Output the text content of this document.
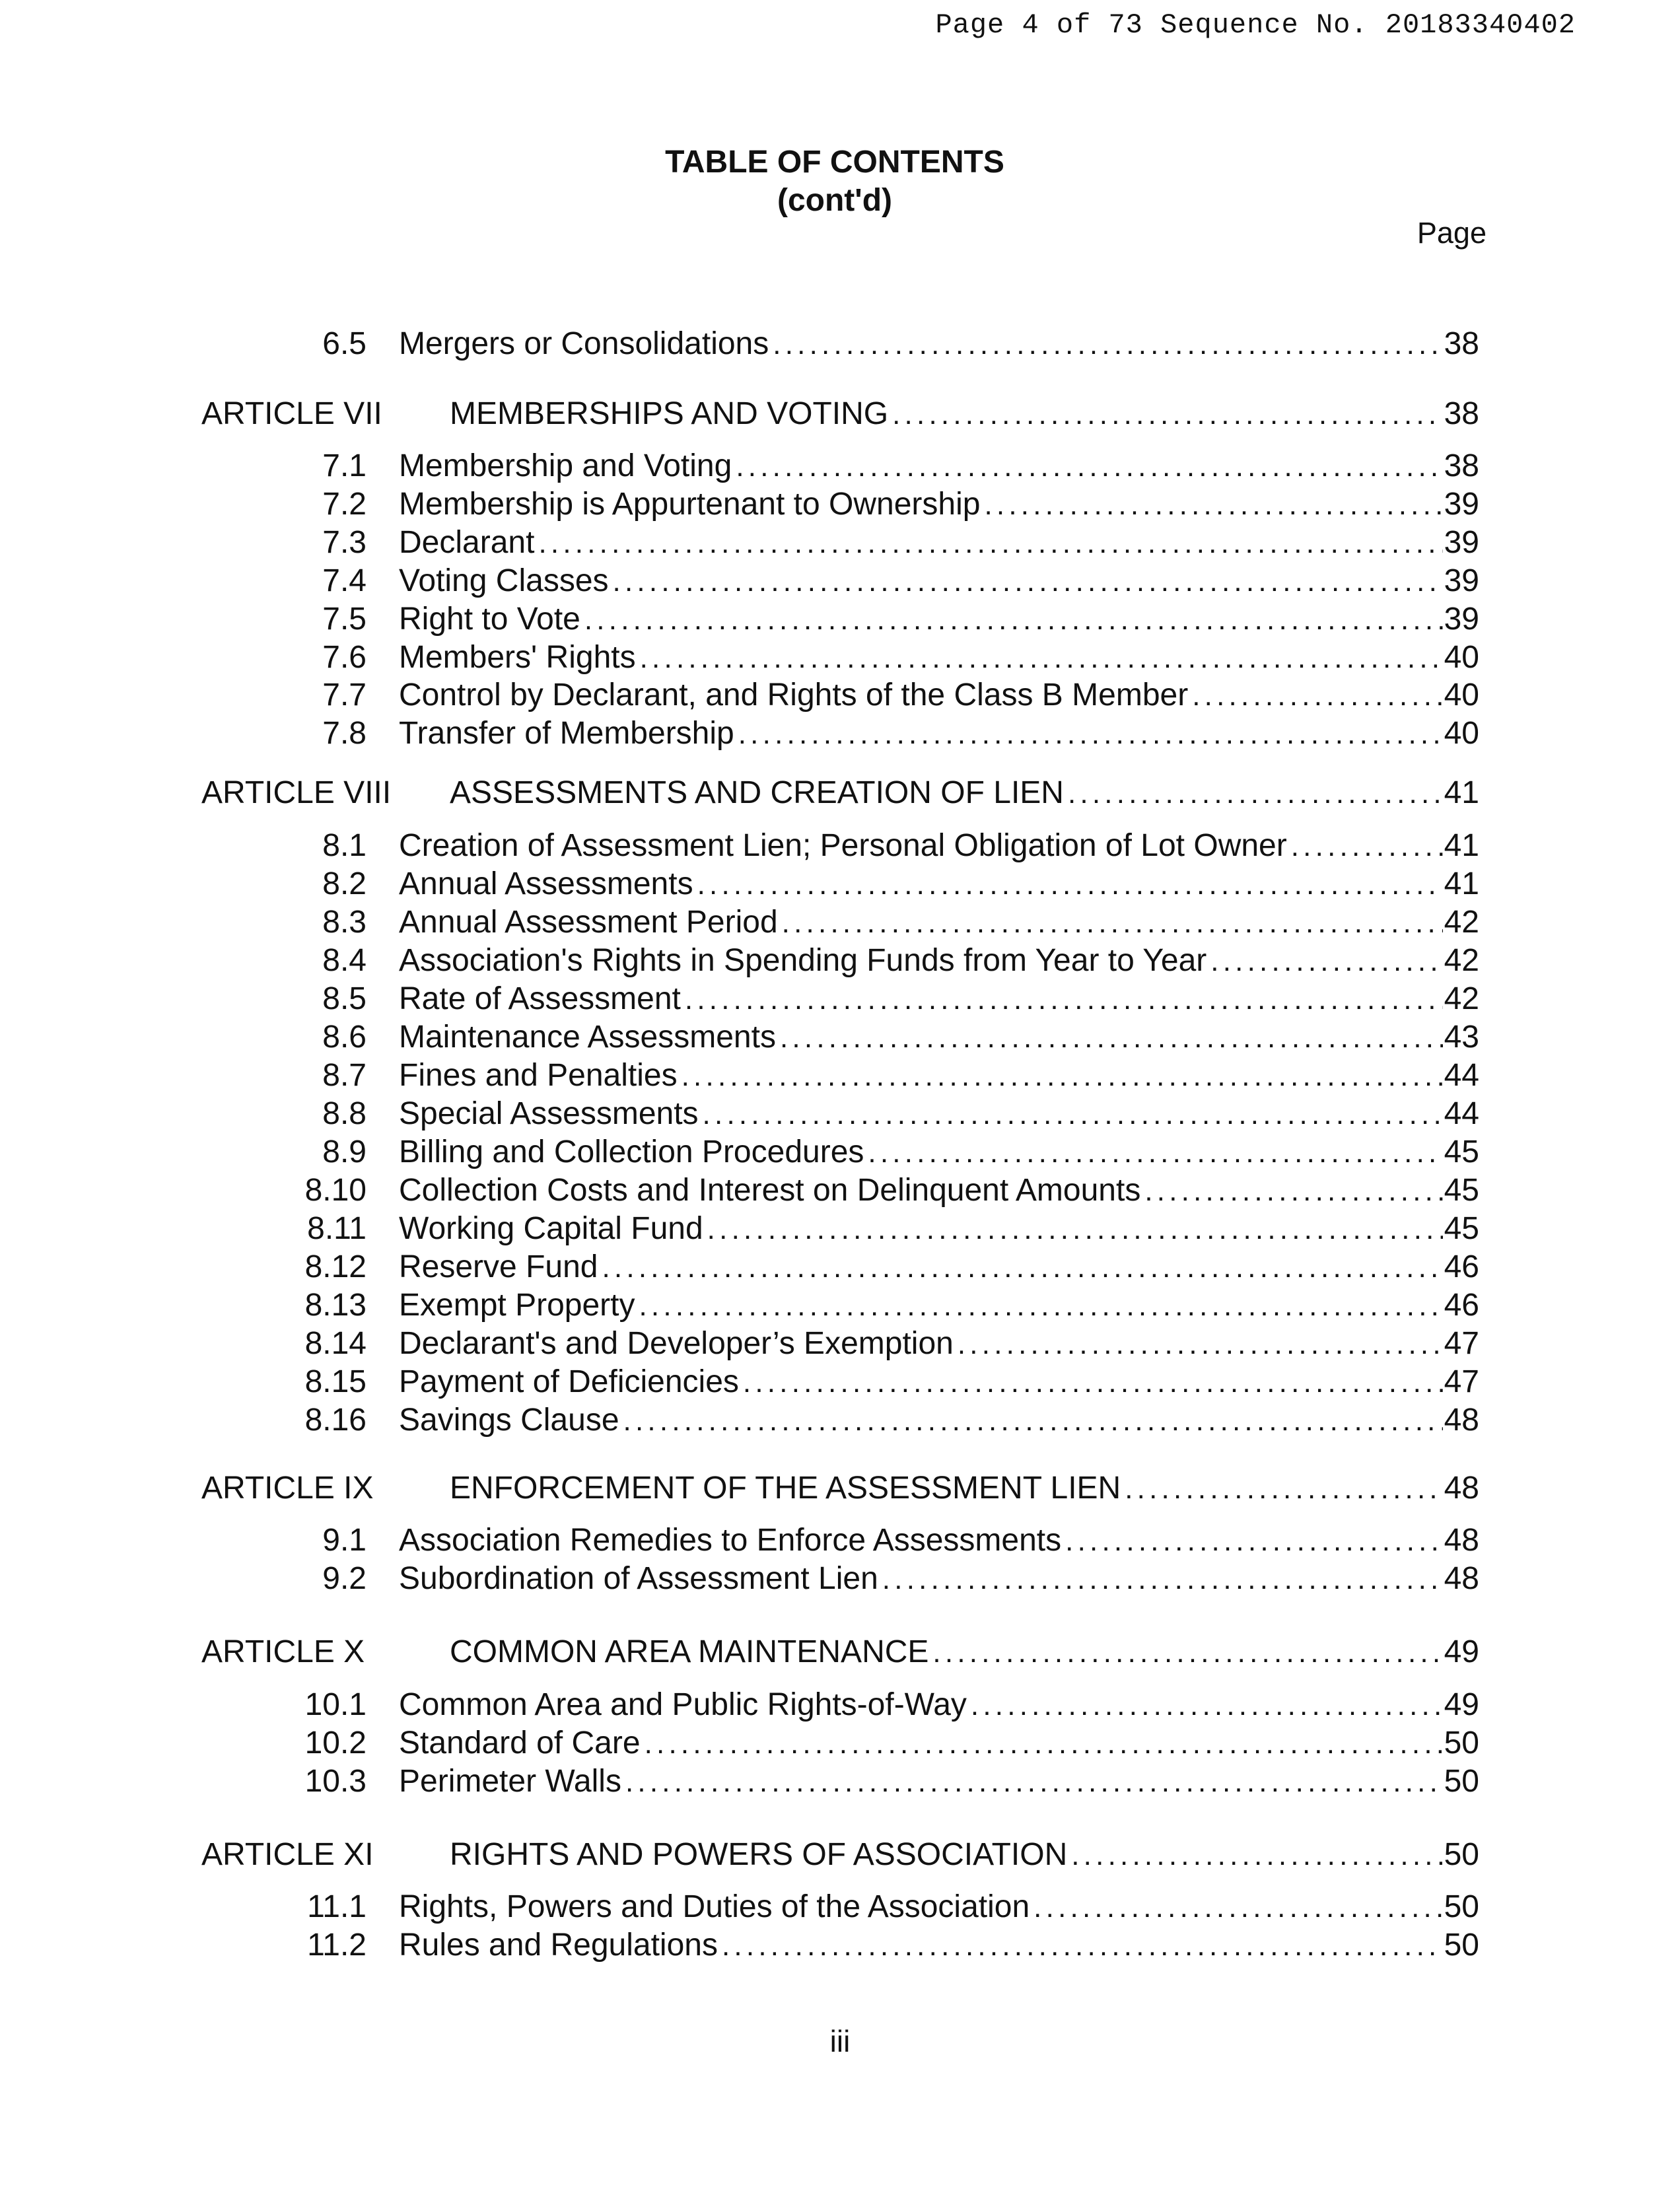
Page 4 of 73 Sequence No. 20183340402
TABLE OF CONTENTS
(cont'd)
Page
6.5 Mergers or Consolidations . . .	38
ARTICLE VII MEMBERSHIPS AND VOTING . . .	38
7.1 Membership and Voting . . .	38
7.2 Membership is Appurtenant to Ownership . . .	39
7.3 Declarant . . .	39
7.4 Voting Classes . . .	39
7.5 Right to Vote . . .	39
7.6 Members' Rights . . .	40
7.7 Control by Declarant, and Rights of the Class B Member . . .	40
7.8 Transfer of Membership . . .	40
ARTICLE VIII ASSESSMENTS AND CREATION OF LIEN . . .	41
8.1 Creation of Assessment Lien; Personal Obligation of Lot Owner . . .	41
8.2 Annual Assessments . . .	41
8.3 Annual Assessment Period . . .	42
8.4 Association's Rights in Spending Funds from Year to Year . . .	42
8.5 Rate of Assessment . . .	42
8.6 Maintenance Assessments . . .	43
8.7 Fines and Penalties . . .	44
8.8 Special Assessments . . .	44
8.9 Billing and Collection Procedures . . .	45
8.10 Collection Costs and Interest on Delinquent Amounts . . .	45
8.11 Working Capital Fund . . .	45
8.12 Reserve Fund . . .	46
8.13 Exempt Property . . .	46
8.14 Declarant's and Developer’s Exemption . . .	47
8.15 Payment of Deficiencies . . .	47
8.16 Savings Clause . . .	48
ARTICLE IX ENFORCEMENT OF THE ASSESSMENT LIEN . . .	48
9.1 Association Remedies to Enforce Assessments . . .	48
9.2 Subordination of Assessment Lien . . .	48
ARTICLE X	COMMON AREA MAINTENANCE . . .	49
10.1 Common Area and Public Rights-of-Way . . .	49
10.2 Standard of Care . . .	50
10.3 Perimeter Walls . . .	50
ARTICLE XI RIGHTS AND POWERS OF ASSOCIATION . . .	50
11.1 Rights, Powers and Duties of the Association . . .	50
11.2 Rules and Regulations . . .	50
iii
